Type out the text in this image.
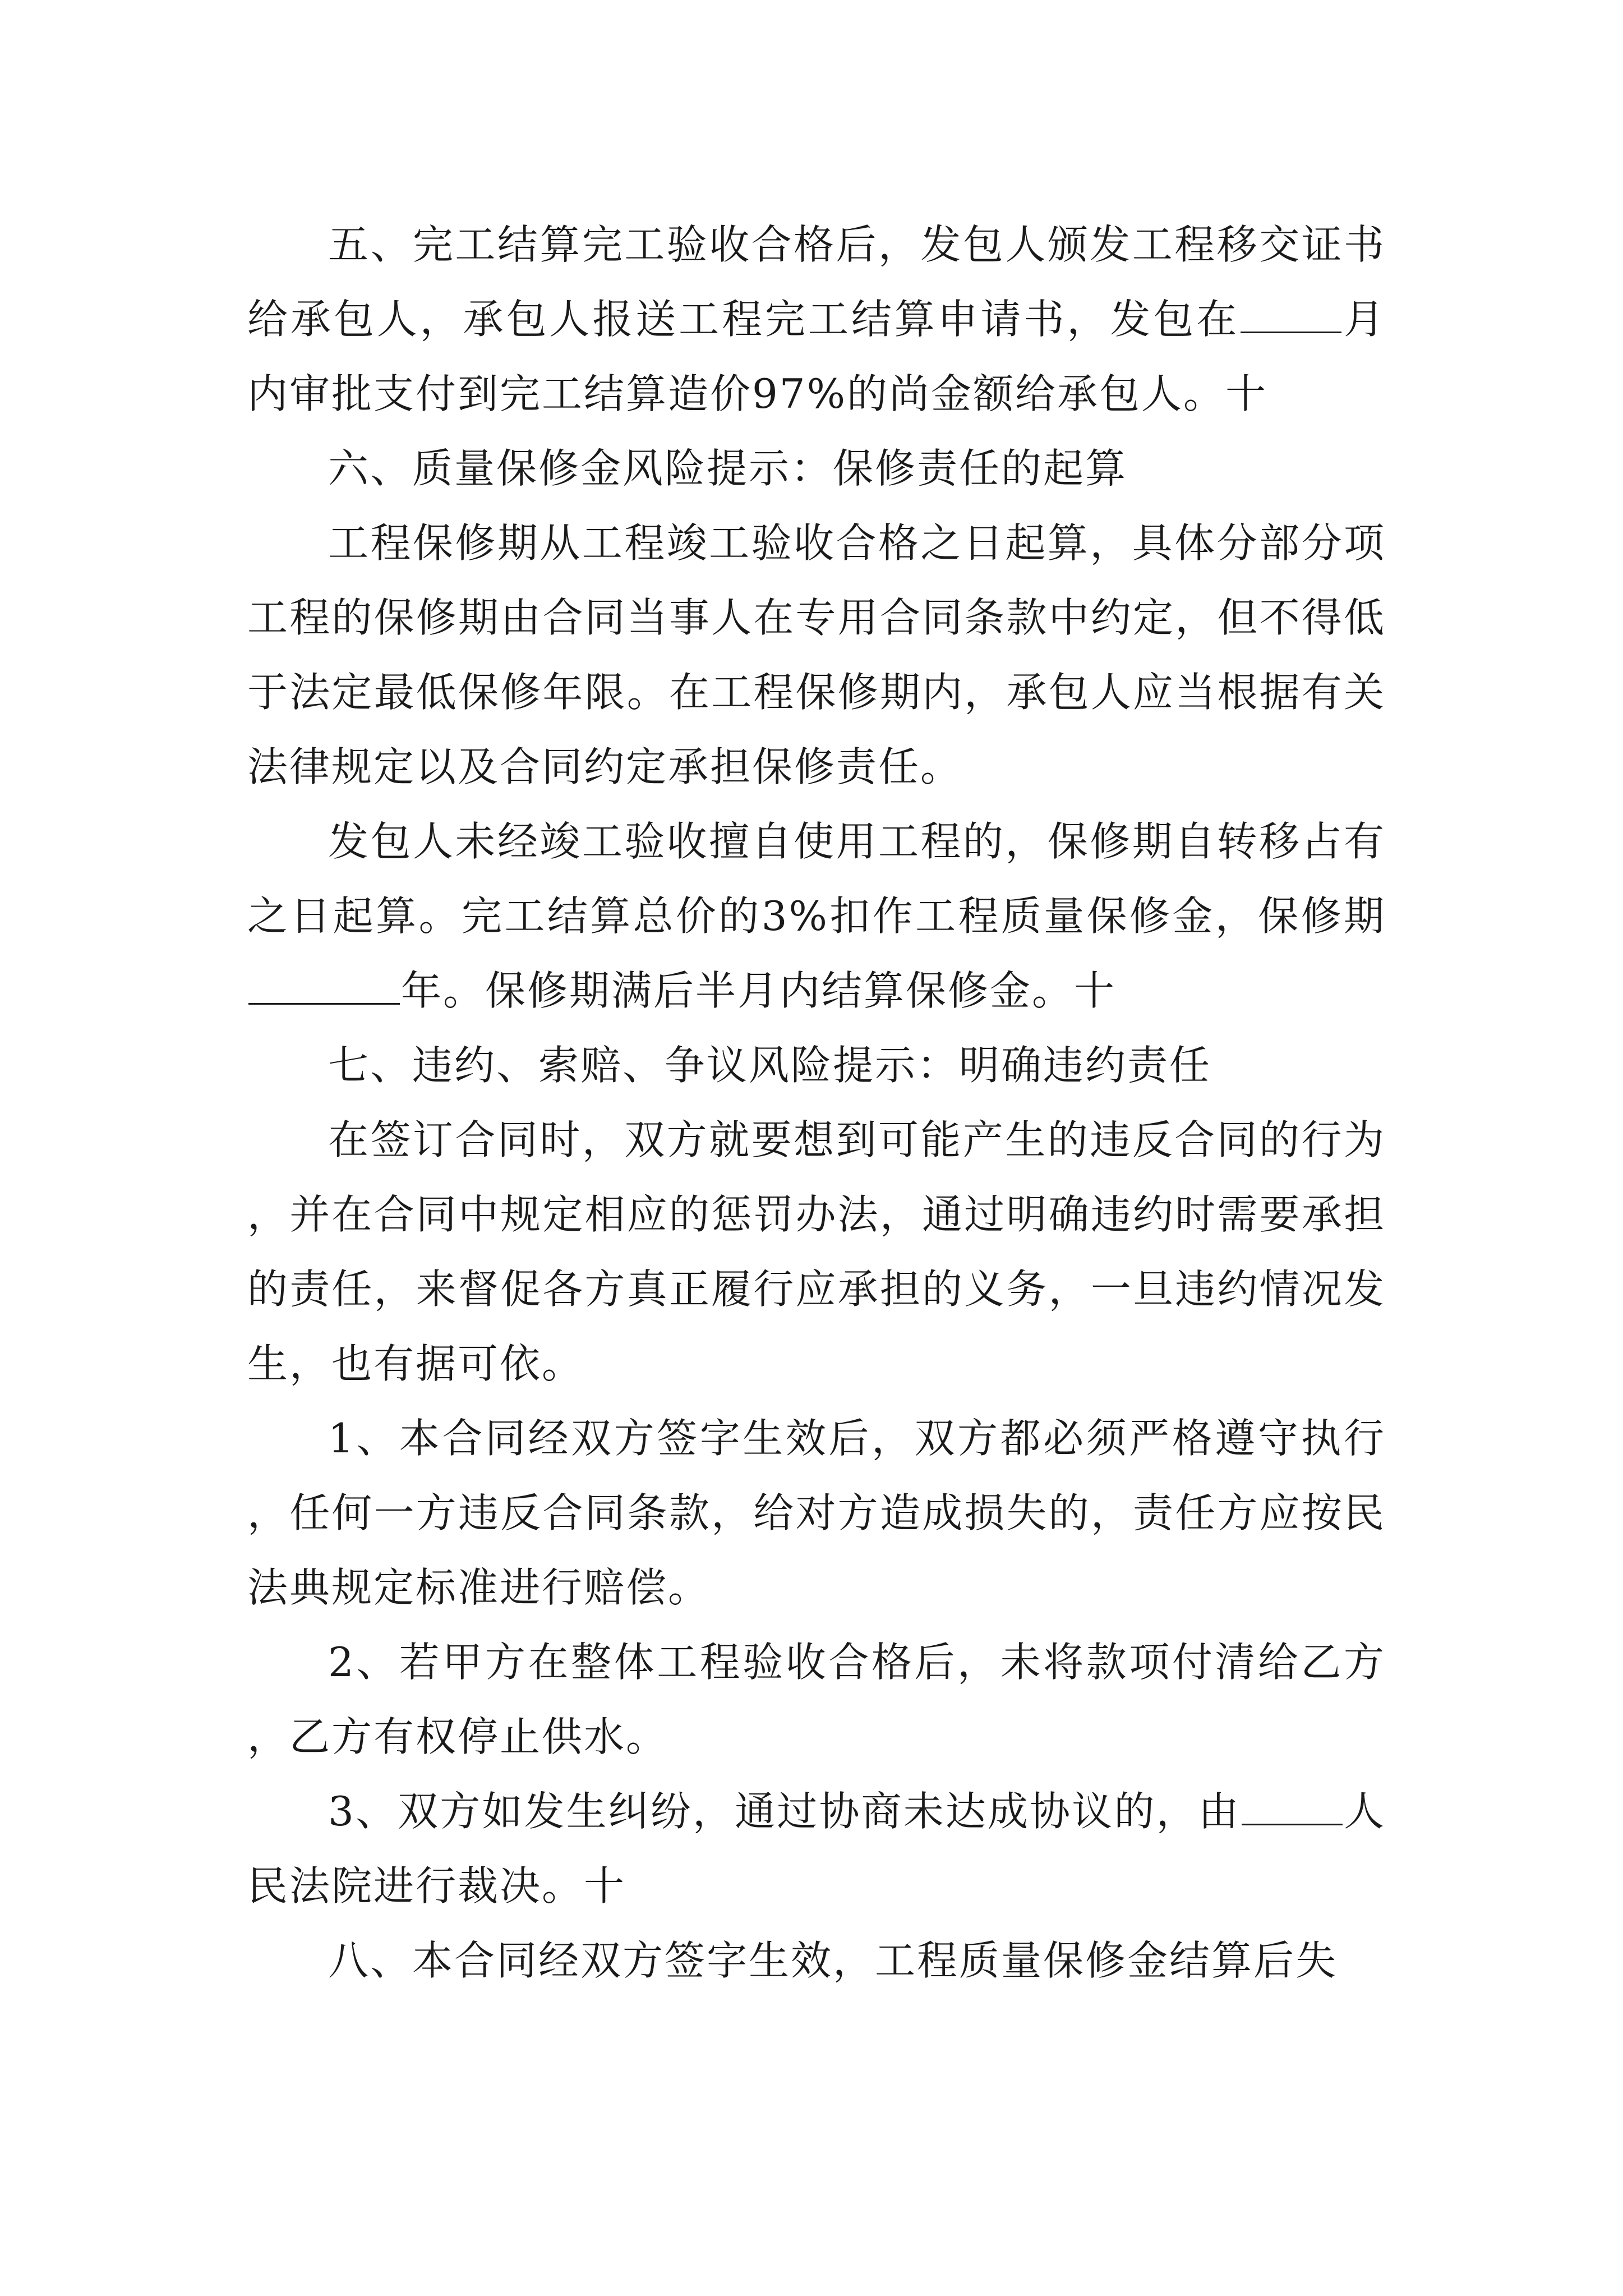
五、完工结算完工验收合格后，发包人颁发工程移交证书给承包人，承包人报送工程完工结算申请书，发包在	月内审批支付到完工结算造价97%的尚金额给承包人。十

六、质量保修金风险提示：保修责任的起算

工程保修期从工程竣工验收合格之日起算，具体分部分项工程的保修期由合同当事人在专用合同条款中约定，但不得低于法定最低保修年限。在工程保修期内，承包人应当根据有关法律规定以及合同约定承担保修责任。

发包人未经竣工验收擅自使用工程的，保修期自转移占有之日起算。完工结算总价的3%扣作工程质量保修金，保修期年。保修期满后半月内结算保修金。十

七、违约、索赔、争议风险提示：明确违约责任

在签订合同时，双方就要想到可能产生的违反合同的行为，并在合同中规定相应的惩罚办法，通过明确违约时需要承担的责任，来督促各方真正履行应承担的义务，一旦违约情况发生，也有据可依。

1、本合同经双方签字生效后，双方都必须严格遵守执行，任何一方违反合同条款，给对方造成损失的，责任方应按民法典规定标准进行赔偿。

2、若甲方在整体工程验收合格后，未将款项付清给乙方，乙方有权停止供水。

3、双方如发生纠纷，通过协商未达成协议的，由	人民法院进行裁决。十

八、本合同经双方签字生效，工程质量保修金结算后失
